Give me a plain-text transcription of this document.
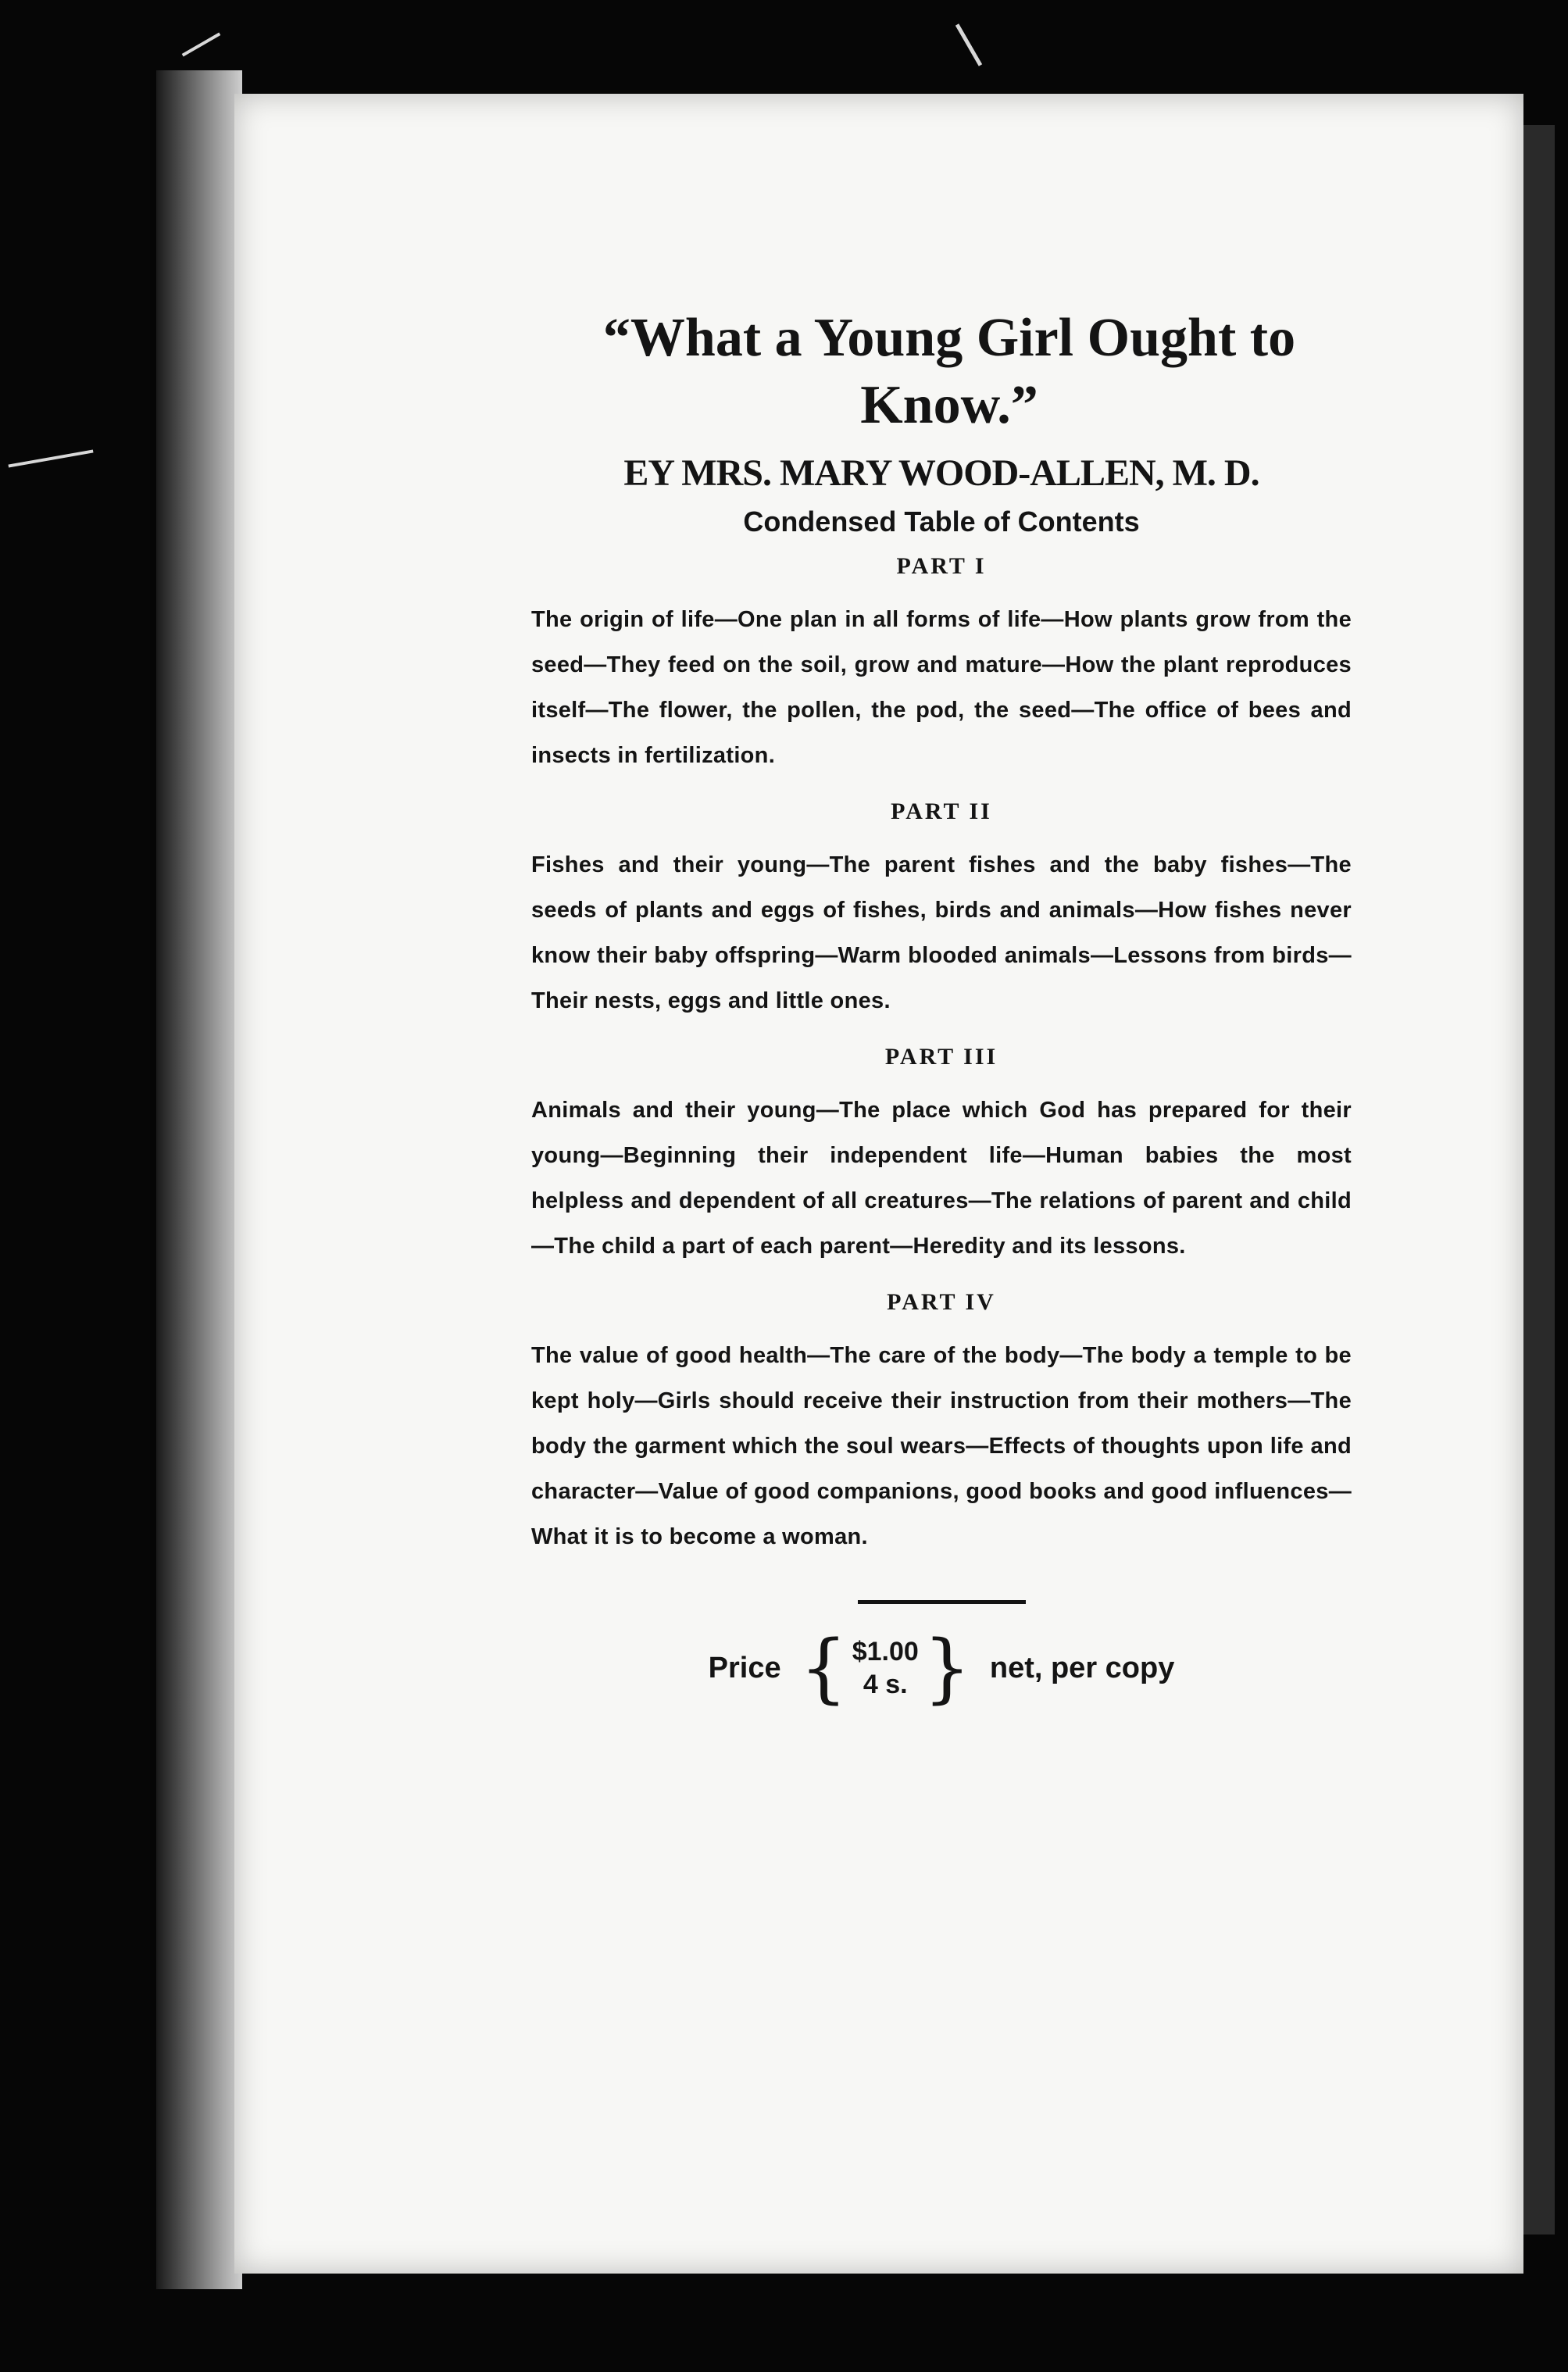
“What a Young Girl Ought to Know.”
EY MRS. MARY WOOD-ALLEN, M. D.
Condensed Table of Contents
PART I

The origin of life—One plan in all forms of life—How plants grow from the seed—They feed on the soil, grow and mature—How the plant reproduces itself—The flower, the pollen, the pod, the seed—The office of bees and insects in fertilization.

PART II

Fishes and their young—The parent fishes and the baby fishes—The seeds of plants and eggs of fishes, birds and animals—How fishes never know their baby offspring—Warm blooded animals—Lessons from birds—Their nests, eggs and little ones.

PART III

Animals and their young—The place which God has prepared for their young—Beginning their independent life—Human babies the most helpless and dependent of all creatures—The relations of parent and child—The child a part of each parent—Heredity and its lessons.

PART IV

The value of good health—The care of the body—The body a temple to be kept holy—Girls should receive their instruction from their mothers—The body the garment which the soul wears—Effects of thoughts upon life and character—Value of good companions, good books and good influences—What it is to become a woman.

Price { $1.00
4 s. } net, per copy
